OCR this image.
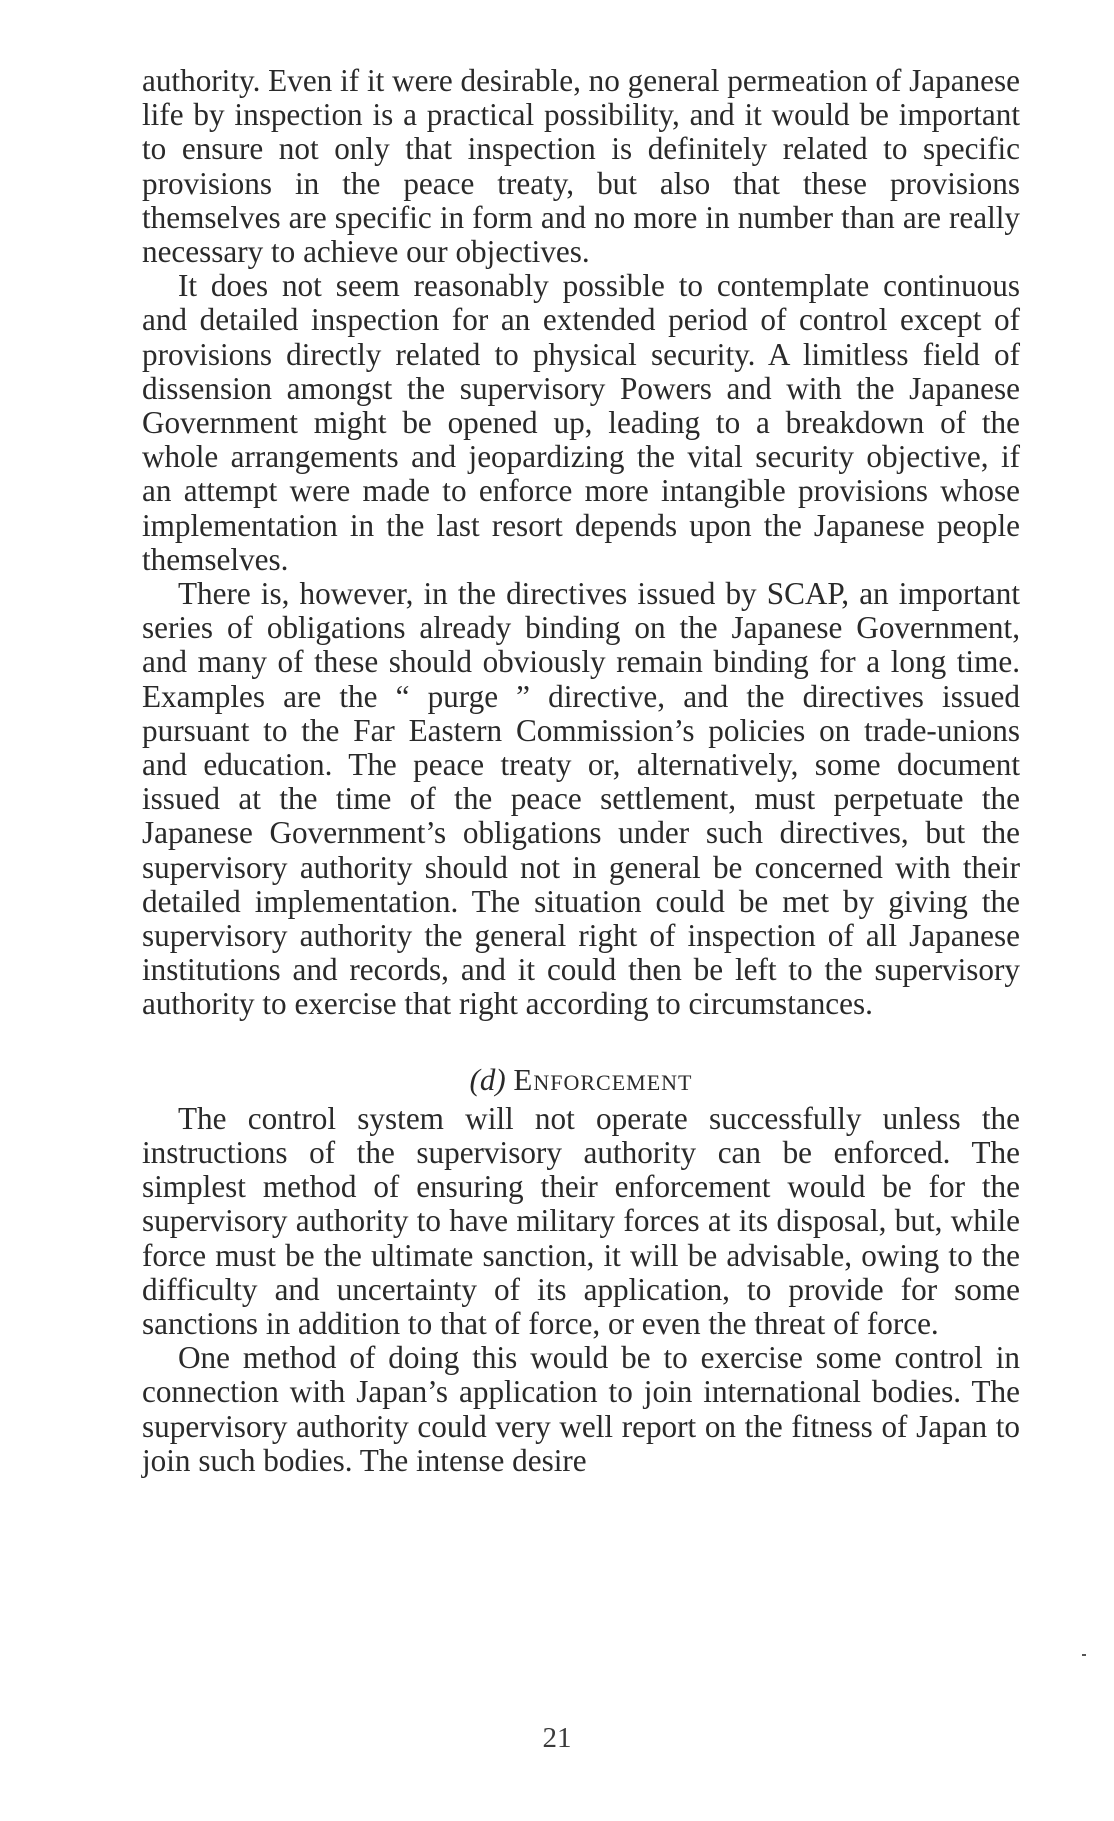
authority. Even if it were desirable, no general permeation of Japanese life by inspection is a practical possibility, and it would be important to ensure not only that inspection is definitely related to specific provisions in the peace treaty, but also that these provisions themselves are specific in form and no more in number than are really necessary to achieve our objectives.

It does not seem reasonably possible to contemplate continuous and detailed inspection for an extended period of control except of provisions directly related to physical security. A limitless field of dissension amongst the supervisory Powers and with the Japanese Government might be opened up, leading to a breakdown of the whole arrangements and jeopardizing the vital security objective, if an attempt were made to enforce more intangible provisions whose implementation in the last resort depends upon the Japanese people themselves.

There is, however, in the directives issued by SCAP, an important series of obligations already binding on the Japanese Government, and many of these should obviously remain binding for a long time. Examples are the “ purge ” directive, and the directives issued pursuant to the Far Eastern Commission’s policies on trade-unions and education. The peace treaty or, alternatively, some document issued at the time of the peace settlement, must perpetuate the Japanese Government’s obligations under such directives, but the supervisory authority should not in general be concerned with their detailed implementation. The situation could be met by giving the supervisory authority the general right of inspection of all Japanese institutions and records, and it could then be left to the supervisory authority to exercise that right according to circumstances.

(d) Enforcement

The control system will not operate successfully unless the instructions of the supervisory authority can be enforced. The simplest method of ensuring their enforcement would be for the supervisory authority to have military forces at its disposal, but, while force must be the ultimate sanction, it will be advisable, owing to the difficulty and uncertainty of its application, to provide for some sanctions in addition to that of force, or even the threat of force.

One method of doing this would be to exercise some control in connection with Japan’s application to join international bodies. The supervisory authority could very well report on the fitness of Japan to join such bodies. The intense desire

21
